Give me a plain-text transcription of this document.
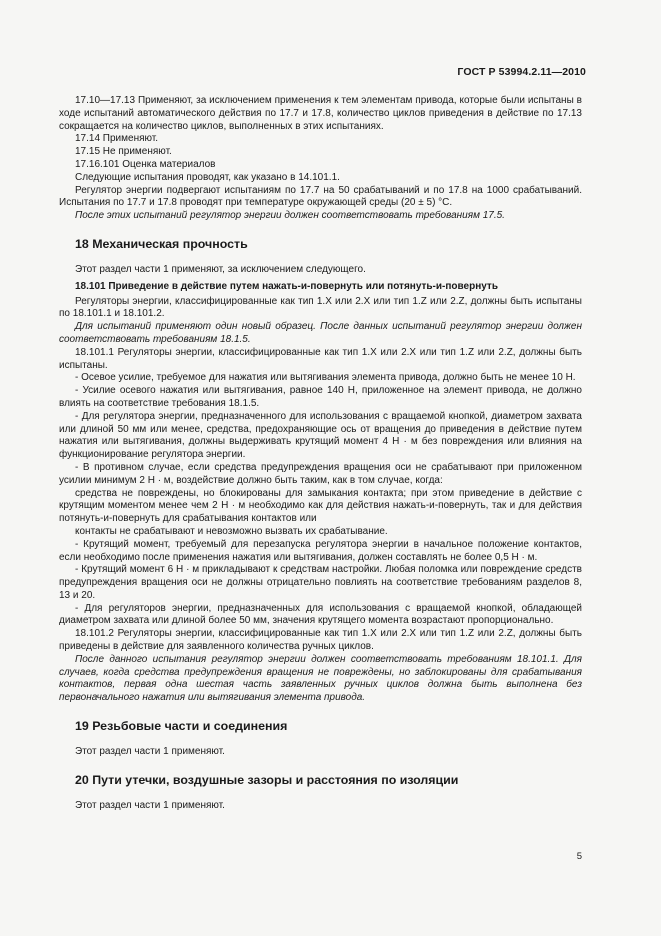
ГОСТ Р 53994.2.11—2010

17.10—17.13 Применяют, за исключением применения к тем элементам привода, которые были испытаны в ходе испытаний автоматического действия по 17.7 и 17.8, количество циклов приведения в действие по 17.13 сокращается на количество циклов, выполненных в этих испытаниях.

17.14 Применяют.

17.15 Не применяют.

17.16.101 Оценка материалов

Следующие испытания проводят, как указано в 14.101.1.

Регулятор энергии подвергают испытаниям по 17.7 на 50 срабатываний и по 17.8 на 1000 срабатываний. Испытания по 17.7 и 17.8 проводят при температуре окружающей среды (20 ± 5) °С.

После этих испытаний регулятор энергии должен соответствовать требованиям 17.5.

18 Механическая прочность

Этот раздел части 1 применяют, за исключением следующего.

18.101 Приведение в действие путем нажать-и-повернуть или потянуть-и-повернуть

Регуляторы энергии, классифицированные как тип 1.X или 2.X или тип 1.Z или 2.Z, должны быть испытаны по 18.101.1 и 18.101.2.

Для испытаний применяют один новый образец. После данных испытаний регулятор энергии должен соответствовать требованиям 18.1.5.

18.101.1 Регуляторы энергии, классифицированные как тип 1.X или 2.X или тип 1.Z или 2.Z, должны быть испытаны.

- Осевое усилие, требуемое для нажатия или вытягивания элемента привода, должно быть не менее 10 Н.

- Усилие осевого нажатия или вытягивания, равное 140 Н, приложенное на элемент привода, не должно влиять на соответствие требования 18.1.5.

- Для регулятора энергии, предназначенного для использования с вращаемой кнопкой, диаметром захвата или длиной 50 мм или менее, средства, предохраняющие ось от вращения до приведения в действие путем нажатия или вытягивания, должны выдерживать крутящий момент 4 Н · м без повреждения или влияния на функционирование регулятора энергии.

- В противном случае, если средства предупреждения вращения оси не срабатывают при приложенном усилии минимум 2 Н · м, воздействие должно быть таким, как в том случае, когда:

средства не повреждены, но блокированы для замыкания контакта; при этом приведение в действие с крутящим моментом менее чем 2 Н · м необходимо как для действия нажать-и-повернуть, так и для действия потянуть-и-повернуть для срабатывания контактов или

контакты не срабатывают и невозможно вызвать их срабатывание.

- Крутящий момент, требуемый для перезапуска регулятора энергии в начальное положение контактов, если необходимо после применения нажатия или вытягивания, должен составлять не более 0,5 Н · м.

- Крутящий момент 6 Н · м прикладывают к средствам настройки. Любая поломка или повреждение средств предупреждения вращения оси не должны отрицательно повлиять на соответствие требованиям разделов 8, 13 и 20.

- Для регуляторов энергии, предназначенных для использования с вращаемой кнопкой, обладающей диаметром захвата или длиной более 50 мм, значения крутящего момента возрастают пропорционально.

18.101.2 Регуляторы энергии, классифицированные как тип 1.X или 2.X или тип 1.Z или 2.Z, должны быть приведены в действие для заявленного количества ручных циклов.

После данного испытания регулятор энергии должен соответствовать требованиям 18.101.1. Для случаев, когда средства предупреждения вращения не повреждены, но заблокированы для срабатывания контактов, первая одна шестая часть заявленных ручных циклов должна быть выполнена без первоначального нажатия или вытягивания элемента привода.

19 Резьбовые части и соединения

Этот раздел части 1 применяют.

20 Пути утечки, воздушные зазоры и расстояния по изоляции

Этот раздел части 1 применяют.

5
